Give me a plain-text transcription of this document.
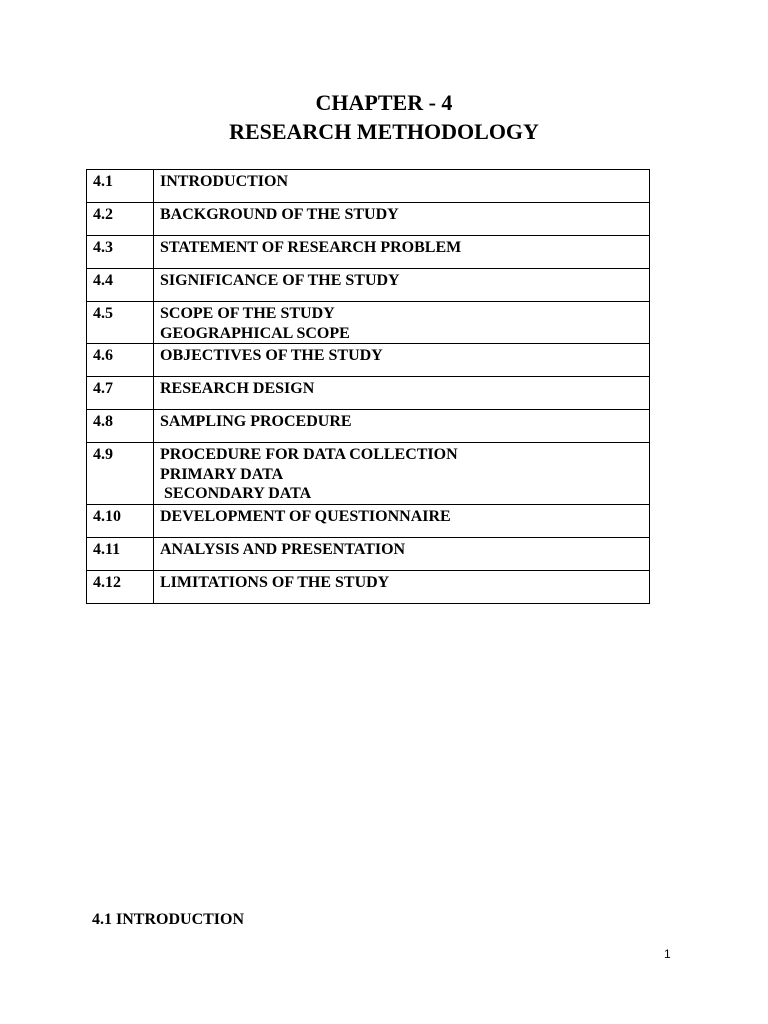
CHAPTER - 4
RESEARCH METHODOLOGY
4.1	INTRODUCTION

4.2	BACKGROUND OF THE STUDY

4.3	STATEMENT OF RESEARCH PROBLEM

4.4	SIGNIFICANCE OF THE STUDY

4.5	SCOPE OF THE STUDY
GEOGRAPHICAL SCOPE

4.6	OBJECTIVES OF THE STUDY

4.7	RESEARCH DESIGN

4.8	SAMPLING PROCEDURE

4.9	PROCEDURE FOR DATA COLLECTION
PRIMARY DATA
SECONDARY DATA

4.10	DEVELOPMENT OF QUESTIONNAIRE

4.11	ANALYSIS AND PRESENTATION

4.12	LIMITATIONS OF THE STUDY

4.1 INTRODUCTION

1
